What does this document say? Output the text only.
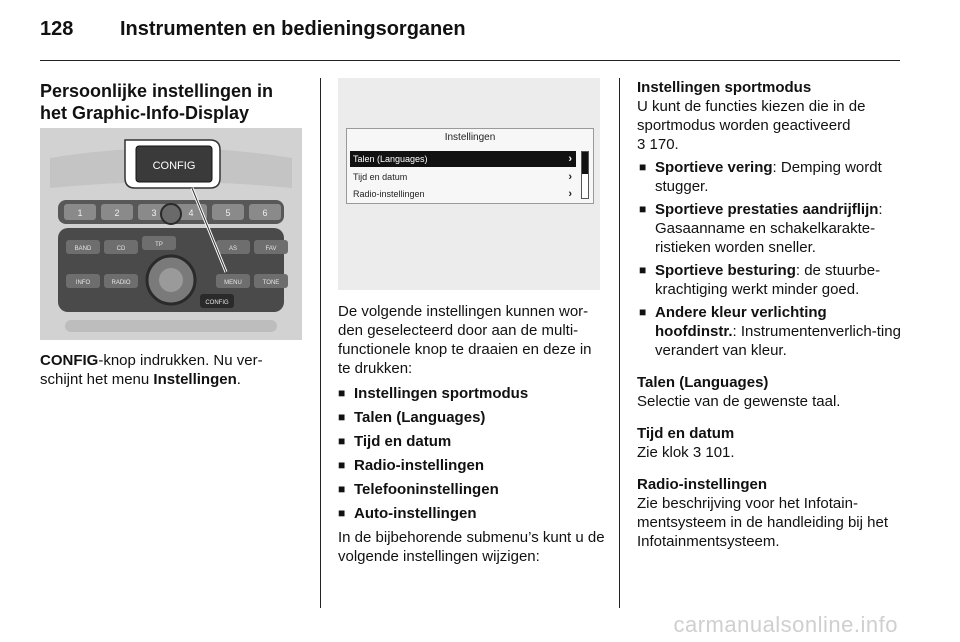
128 Instrumenten en bedieningsorganen

Persoonlijke instellingen in het Graphic-Info-Display

1	2	3	4	5	6
BAND	CD	AS	FAV
TP
INFO	RADIO	MENU	TONE
CONFIG
CONFIG

CONFIG-knop indrukken. Nu ver-schijnt het menu Instellingen.

Instellingen
Talen (Languages)	›
Tijd en datum	›
Radio-instellingen	›

De volgende instellingen kunnen wor-den geselecteerd door aan de multi-functionele knop te draaien en deze in te drukken:

■ Instellingen sportmodus

■ Talen (Languages)

■ Tijd en datum

■ Radio-instellingen

■ Telefooninstellingen

■ Auto-instellingen

In de bijbehorende submenu’s kunt u de volgende instellingen wijzigen:

Instellingen sportmodus

U kunt de functies kiezen die in de sportmodus worden geactiveerd

3 170.

■ Sportieve vering: Demping wordt stugger.

■ Sportieve prestaties aandrijflijn: Gasaanname en schakelkarakte-ristieken worden sneller.

■ Sportieve besturing: de stuurbe-krachtiging werkt minder goed.

■ Andere kleur verlichting hoofdinstr.: Instrumentenverlich-ting verandert van kleur.

Talen (Languages)

Selectie van de gewenste taal.

Tijd en datum

Zie klok 3 101.

Radio-instellingen

Zie beschrijving voor het Infotain-mentsysteem in de handleiding bij het Infotainmentsysteem.

carmanualsonline.info
